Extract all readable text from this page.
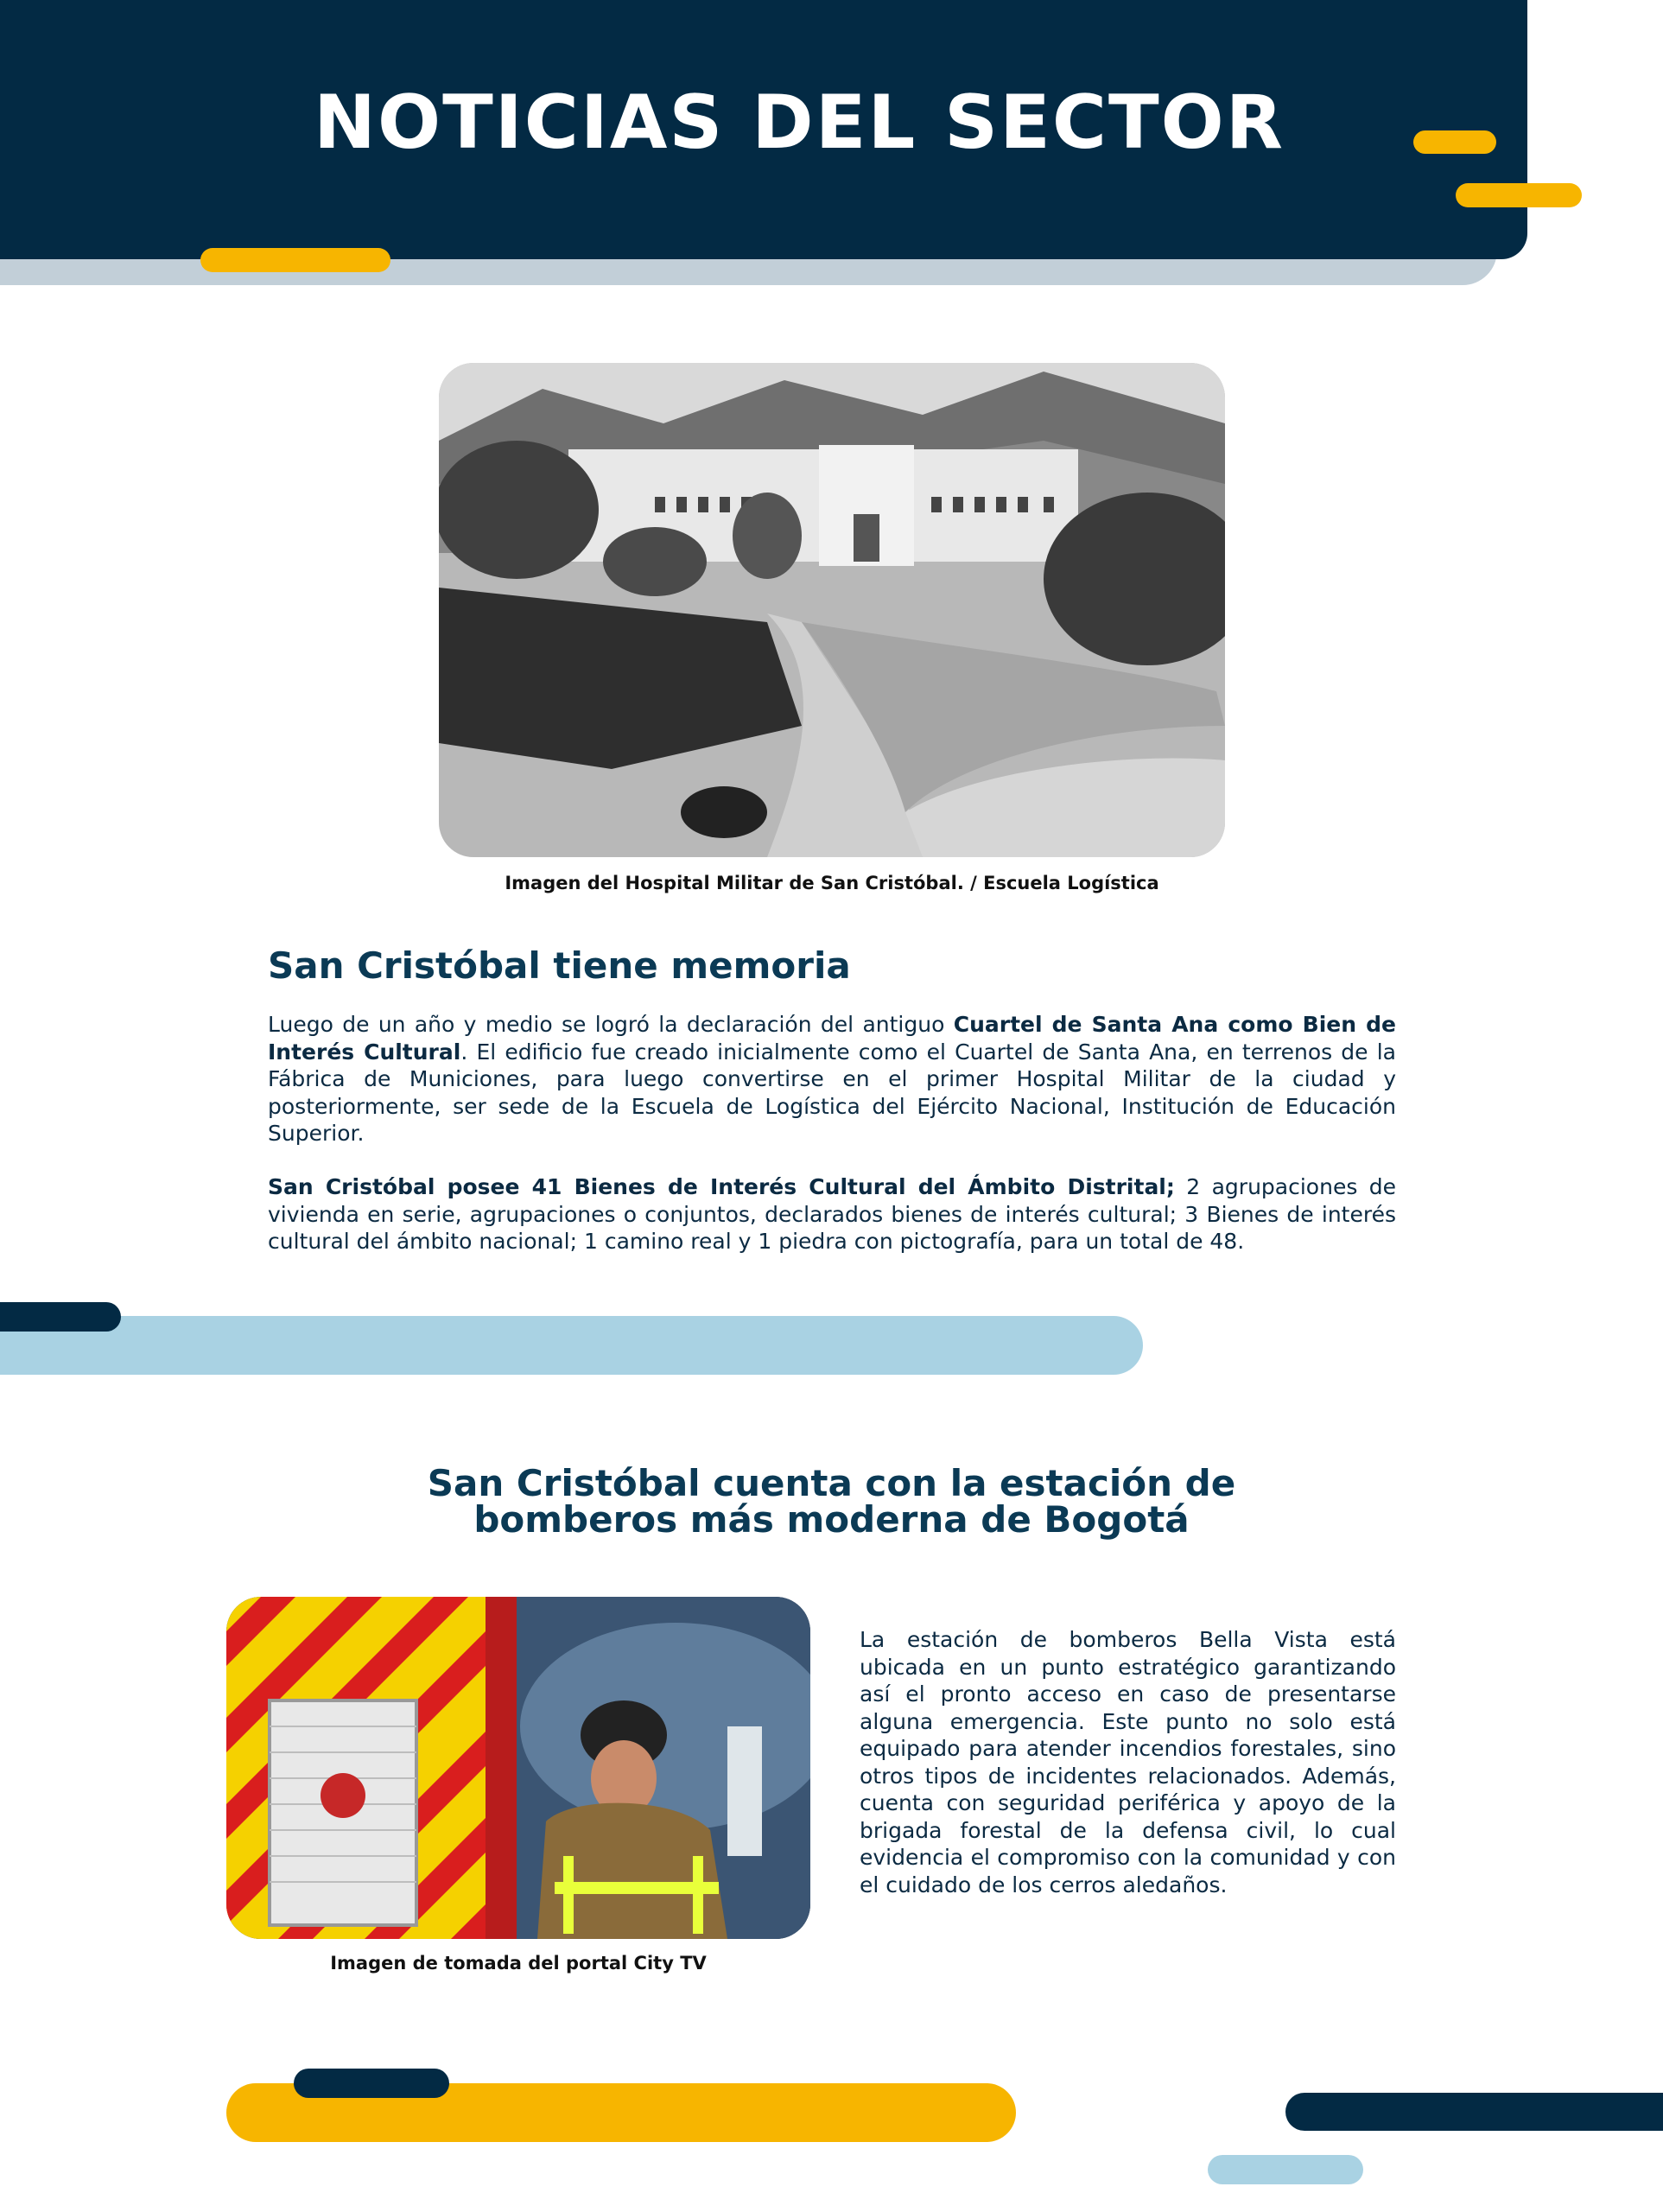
NOTICIAS DEL SECTOR
Imagen del Hospital Militar de San Cristóbal. / Escuela Logística
San Cristóbal tiene memoria

Luego de un año y medio se logró la declaración del antiguo Cuartel de Santa Ana como Bien de Interés Cultural. El edificio fue creado inicialmente como el Cuartel de Santa Ana, en terrenos de la Fábrica de Municiones, para luego convertirse en el primer Hospital Militar de la ciudad y posteriormente, ser sede de la Escuela de Logística del Ejército Nacional, Institución de Educación Superior.

San Cristóbal posee 41 Bienes de Interés Cultural del Ámbito Distrital; 2 agrupaciones de vivienda en serie, agrupaciones o conjuntos, declarados bienes de interés cultural; 3 Bienes de interés cultural del ámbito nacional; 1 camino real y 1 piedra con pictografía, para un total de 48.

San Cristóbal cuenta con la estación de
bomberos más moderna de Bogotá
Imagen de tomada del portal City TV

La estación de bomberos Bella Vista está ubicada en un punto estratégico garantizando así el pronto acceso en caso de presentarse alguna emergencia. Este punto no solo está equipado para atender incendios forestales, sino otros tipos de incidentes relacionados. Además, cuenta con seguridad periférica y apoyo de la brigada forestal de la defensa civil, lo cual evidencia el compromiso con la comunidad y con el cuidado de los cerros aledaños.
